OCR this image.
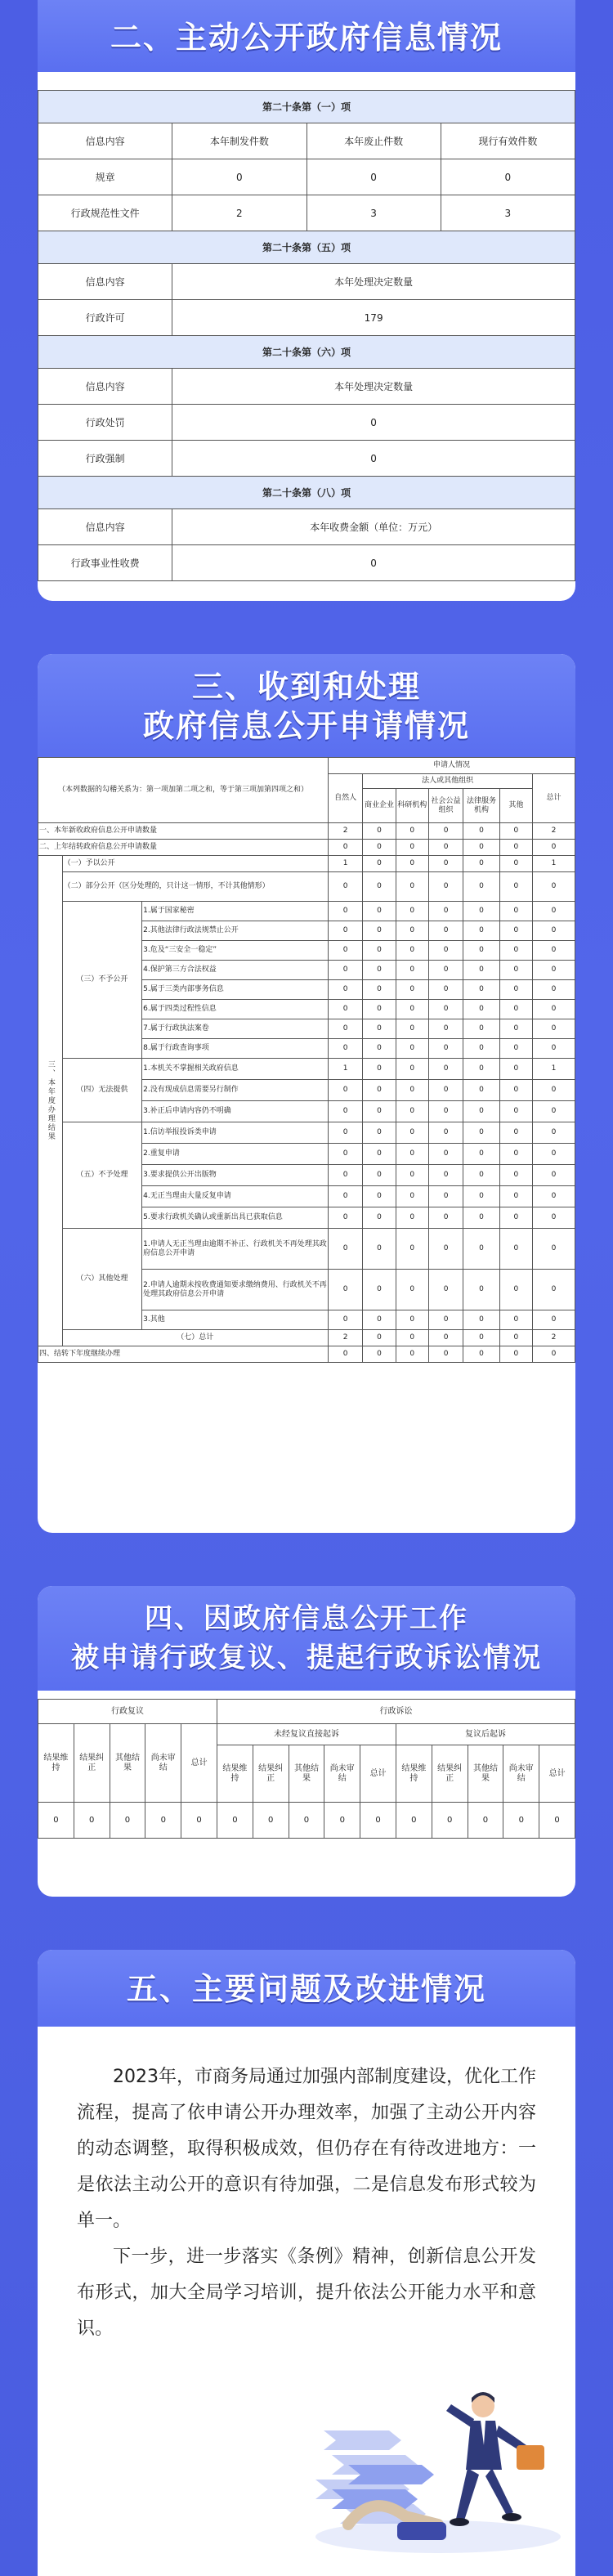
二、主动公开政府信息情况
第二十条第（一）项			
信息内容	本年制发件数	本年废止件数	现行有效件数
规章	0	0	0
行政规范性文件	2	3	3
第二十条第（五）项			
信息内容	本年处理决定数量		
行政许可	179		
第二十条第（六）项			
信息内容	本年处理决定数量		
行政处罚	0		
行政强制	0		
第二十条第（八）项			
信息内容	本年收费金额（单位：万元）		
行政事业性收费	0		
三、收到和处理
政府信息公开申请情况
（本列数据的勾稽关系为：第一项加第二项之和，等于第三项加第四项之和）			申请人情况						
			自然人	法人或其他组织					总计
				商业企业	科研机构	社会公益组织	法律服务机构	其他	
一、本年新收政府信息公开申请数量			2	0	0	0	0	0	2
二、上年结转政府信息公开申请数量			0	0	0	0	0	0	0
三、本年度办理结果	（一）予以公开		1	0	0	0	0	0	1
	（二）部分公开（区分处理的，只计这一情形，不计其他情形）		0	0	0	0	0	0	0
	（三）不予公开	1.属于国家秘密	0	0	0	0	0	0	0
		2.其他法律行政法规禁止公开	0	0	0	0	0	0	0
		3.危及“三安全一稳定”	0	0	0	0	0	0	0
		4.保护第三方合法权益	0	0	0	0	0	0	0
		5.属于三类内部事务信息	0	0	0	0	0	0	0
		6.属于四类过程性信息	0	0	0	0	0	0	0
		7.属于行政执法案卷	0	0	0	0	0	0	0
		8.属于行政查询事项	0	0	0	0	0	0	0
	（四）无法提供	1.本机关不掌握相关政府信息	1	0	0	0	0	0	1
		2.没有现成信息需要另行制作	0	0	0	0	0	0	0
		3.补正后申请内容仍不明确	0	0	0	0	0	0	0
	（五）不予处理	1.信访举报投诉类申请	0	0	0	0	0	0	0
		2.重复申请	0	0	0	0	0	0	0
		3.要求提供公开出版物	0	0	0	0	0	0	0
		4.无正当理由大量反复申请	0	0	0	0	0	0	0
		5.要求行政机关确认或重新出具已获取信息	0	0	0	0	0	0	0
	（六）其他处理	1.申请人无正当理由逾期不补正、行政机关不再处理其政府信息公开申请	0	0	0	0	0	0	0
		2.申请人逾期未按收费通知要求缴纳费用、行政机关不再处理其政府信息公开申请	0	0	0	0	0	0	0
		3.其他	0	0	0	0	0	0	0
	（七）总计		2	0	0	0	0	0	2
四、结转下年度继续办理			0	0	0	0	0	0	0
四、因政府信息公开工作
被申请行政复议、提起行政诉讼情况
行政复议					行政诉讼									
结果维持	结果纠正	其他结果	尚未审结	总计	未经复议直接起诉					复议后起诉				
					结果维持	结果纠正	其他结果	尚未审结	总计	结果维持	结果纠正	其他结果	尚未审结	总计
0	0	0	0	0	0	0	0	0	0	0	0	0	0	0
五、主要问题及改进情况

2023年，市商务局通过加强内部制度建设，优化工作流程，提高了依申请公开办理效率，加强了主动公开内容的动态调整，取得积极成效，但仍存在有待改进地方：一是依法主动公开的意识有待加强，二是信息发布形式较为单一。

下一步，进一步落实《条例》精神，创新信息公开发布形式，加大全局学习培训，提升依法公开能力水平和意识。
